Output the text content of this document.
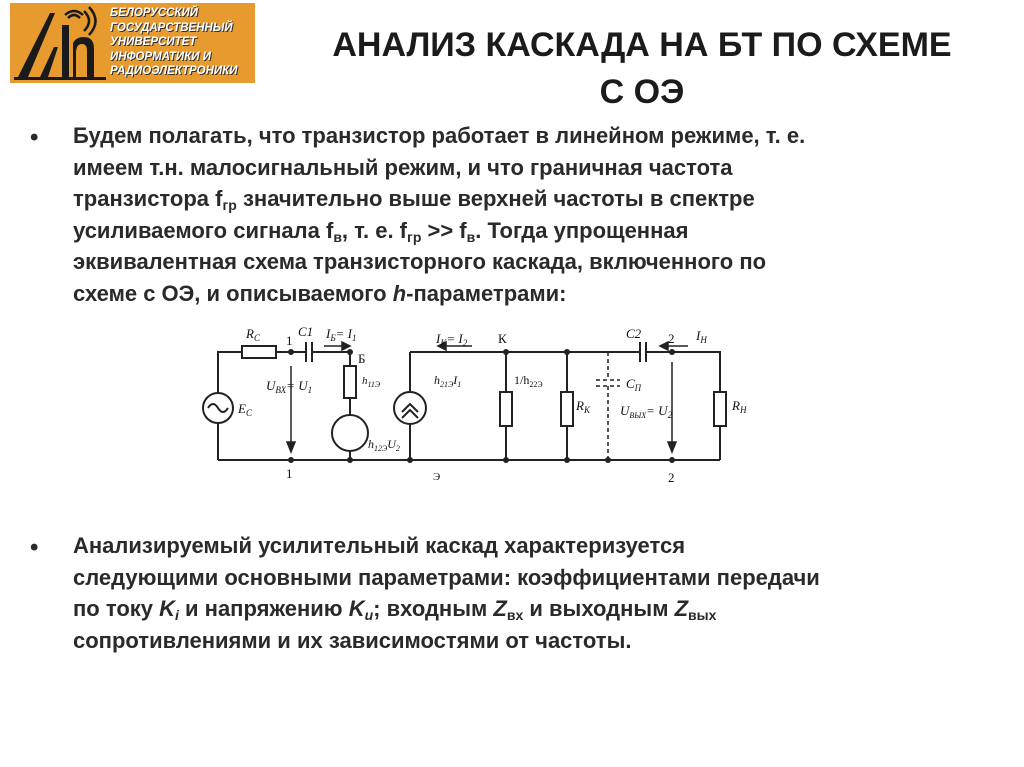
БЕЛОРУССКИЙ
ГОСУДАРСТВЕННЫЙ
УНИВЕРСИТЕТ
ИНФОРМАТИКИ И
РАДИОЭЛЕКТРОНИКИ
АНАЛИЗ КАСКАДА НА БТ ПО СХЕМЕ
С ОЭ
• Будем полагать, что транзистор работает в линейном режиме, т. е.
имеем т.н. малосигнальный режим, и что граничная частота
транзистора $f_{гр}$ значительно выше верхней частоты в спектре
усиливаемого сигнала $f_в$, т. е. $f_{гр} >> f_в$. Тогда упрощенная
эквивалентная схема транзисторного каскада, включенного по
схеме с ОЭ, и описываемого h-параметрами:
$R_С$	C1
1	$I_Б= I_1$
Б
$U_{ВХ}= U_1$
$h_{11Э}$
$E_С$
$h_{12Э}U_2$
1
$I_К= I_2$ К
$h_{21Э}I_1$	$1/h_{22Э}$
Э
$R_К$
C2
$C_П$
2 $I_Н$
$U_{ВЫХ}= U_2$
$R_Н$
2
• Анализируемый усилительный каскад характеризуется
следующими основными параметрами: коэффициентами передачи
по току $K_i$ и напряжению $K_u$; входным $Z_{вх}$ и выходным $Z_{вых}$
сопротивлениями и их зависимостями от частоты.
